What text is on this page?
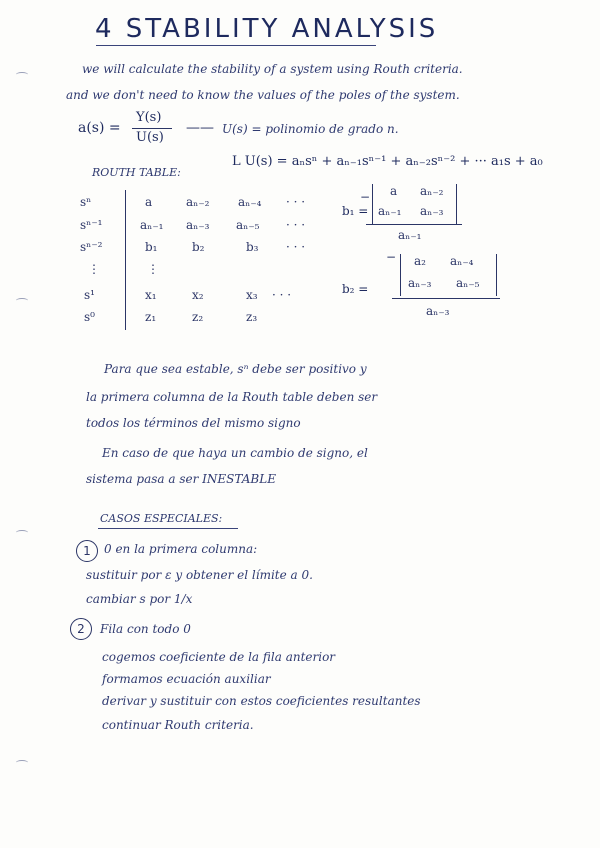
4 STABILITY ANALYSIS
we will calculate the stability of a system using Routh criteria.
and we don't need to know the values of the poles of the system.
a(s) =
Y(s)
U(s)
—— U(s) = polinomio de grado n.
ROUTH TABLE:
L U(s) = aₙsⁿ + aₙ₋₁sⁿ⁻¹ + aₙ₋₂sⁿ⁻² + ··· a₁s + a₀
sⁿ
sⁿ⁻¹
sⁿ⁻²
⋮
s¹
s⁰
a
aₙ₋₁
b₁
⋮
x₁
z₁
aₙ₋₂
aₙ₋₃
b₂
x₂
z₂
aₙ₋₄
aₙ₋₅
b₃
x₃
z₃
· · ·
· · ·
· · ·
· · ·
b₁ =
− a aₙ₋₂
aₙ₋₁ aₙ₋₃
aₙ₋₁
b₂ =
− a₂ aₙ₋₄
aₙ₋₃ aₙ₋₅
aₙ₋₃
Para que sea estable, sⁿ debe ser positivo y
la primera columna de la Routh table deben ser
todos los términos del mismo signo
En caso de que haya un cambio de signo, el
sistema pasa a ser INESTABLE
CASOS ESPECIALES:
1	0 en la primera columna:
sustituir por ε y obtener el límite a 0.
cambiar s por 1/x
2	Fila con todo 0
cogemos coeficiente de la fila anterior
formamos ecuación auxiliar
derivar y sustituir con estos coeficientes resultantes
continuar Routh criteria.
